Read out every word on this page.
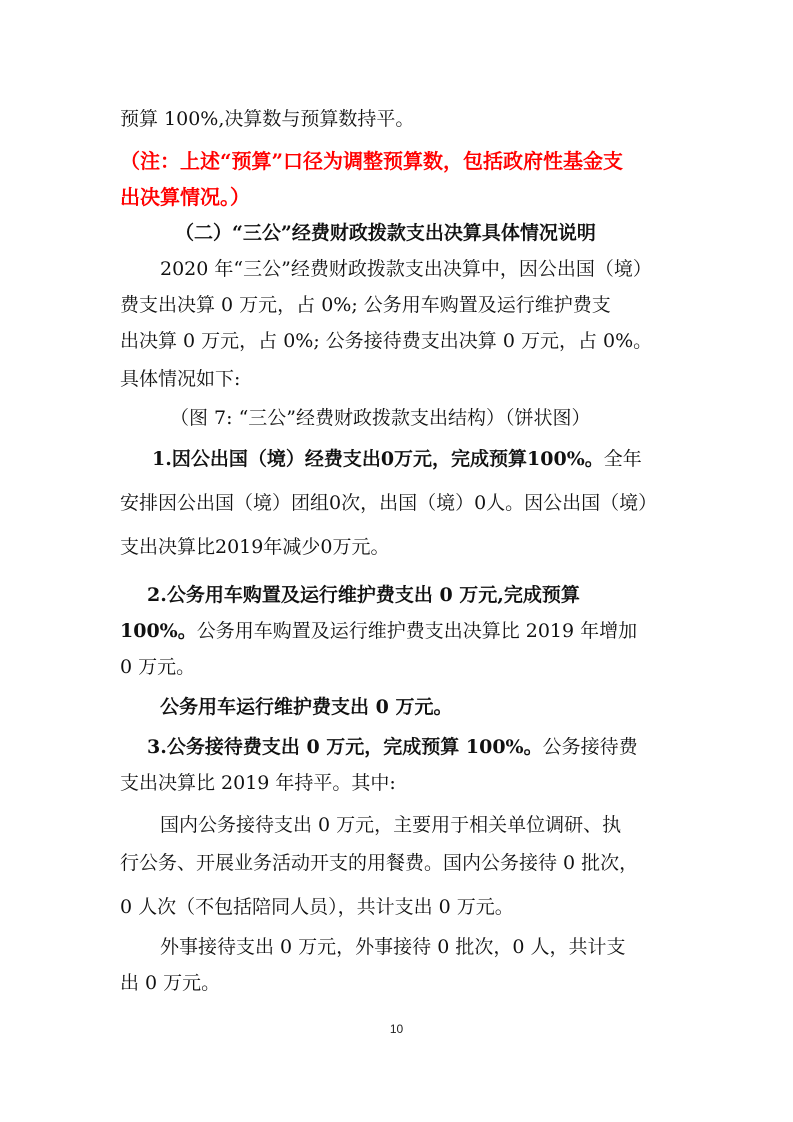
预算 100%,决算数与预算数持平。
（注：上述“预算”口径为调整预算数，包括政府性基金支
出决算情况。）
（二）“三公”经费财政拨款支出决算具体情况说明
2020 年“三公”经费财政拨款支出决算中，因公出国（境）
费支出决算 0 万元，占 0%; 公务用车购置及运行维护费支
出决算 0 万元，占 0%; 公务接待费支出决算 0 万元，占 0%。
具体情况如下:
（图 7: “三公”经费财政拨款支出结构）（饼状图）
1.因公出国（境）经费支出0万元，完成预算100%。全年
安排因公出国（境）团组0次，出国（境）0人。因公出国（境）
支出决算比2019年减少0万元。
2.公务用车购置及运行维护费支出 0 万元,完成预算
100%。公务用车购置及运行维护费支出决算比 2019 年增加
0 万元。
公务用车运行维护费支出 0 万元。
3.公务接待费支出 0 万元，完成预算 100%。公务接待费
支出决算比 2019 年持平。其中:
国内公务接待支出 0 万元，主要用于相关单位调研、执
行公务、开展业务活动开支的用餐费。国内公务接待 0 批次，
0 人次（不包括陪同人员），共计支出 0 万元。
外事接待支出 0 万元，外事接待 0 批次，0 人，共计支
出 0 万元。
10
